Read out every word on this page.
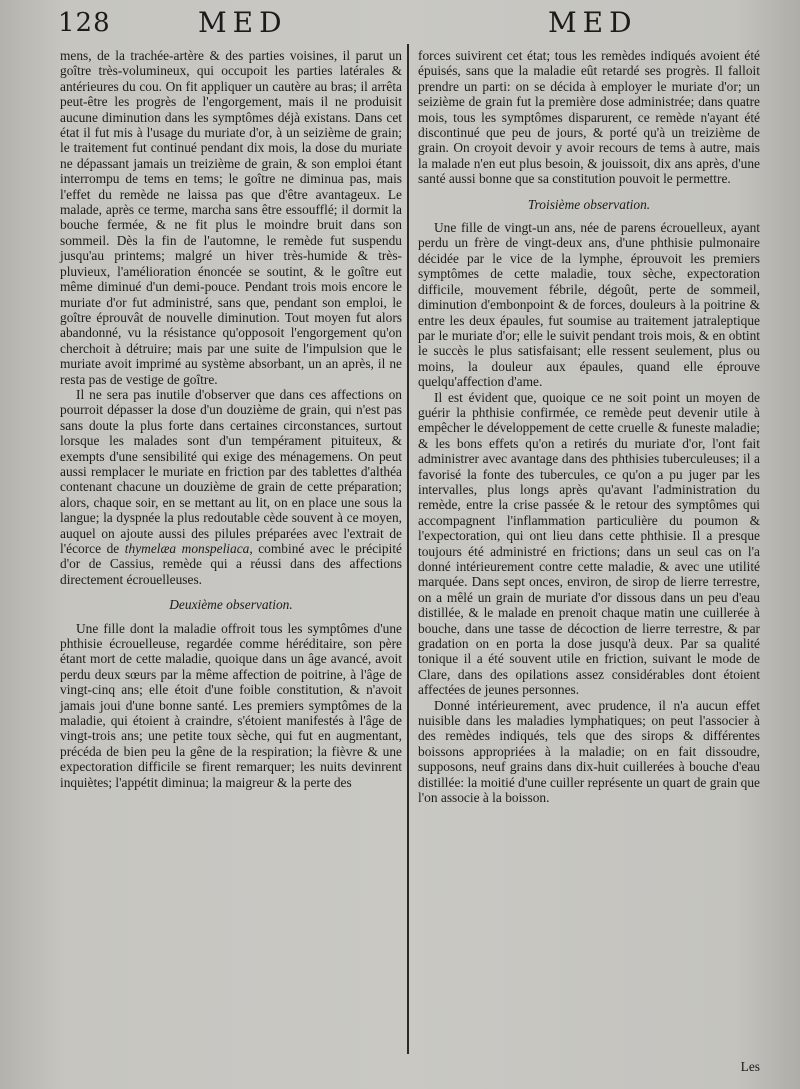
128	MED	MED

mens, de la trachée-artère & des parties voisines, il parut un goître très-volumineux, qui occupoit les parties latérales & antérieures du cou. On fit appliquer un cautère au bras; il arrêta peut-être les progrès de l'engorgement, mais il ne produisit aucune diminution dans les symptômes déjà existans. Dans cet état il fut mis à l'usage du muriate d'or, à un seizième de grain; le traitement fut continué pendant dix mois, la dose du muriate ne dépassant jamais un treizième de grain, & son emploi étant interrompu de tems en tems; le goître ne diminua pas, mais l'effet du remède ne laissa pas que d'être avantageux. Le malade, après ce terme, marcha sans être essoufflé; il dormit la bouche fermée, & ne fit plus le moindre bruit dans son sommeil. Dès la fin de l'automne, le remède fut suspendu jusqu'au printems; malgré un hiver très-humide & très-pluvieux, l'amélioration énoncée se soutint, & le goître eut même diminué d'un demi-pouce. Pendant trois mois encore le muriate d'or fut administré, sans que, pendant son emploi, le goître éprouvât de nouvelle diminution. Tout moyen fut alors abandonné, vu la résistance qu'opposoit l'engorgement qu'on cherchoit à détruire; mais par une suite de l'impulsion que le muriate avoit imprimé au système absorbant, un an après, il ne resta pas de vestige de goître.

Il ne sera pas inutile d'observer que dans ces affections on pourroit dépasser la dose d'un douzième de grain, qui n'est pas sans doute la plus forte dans certaines circonstances, surtout lorsque les malades sont d'un tempérament pituiteux, & exempts d'une sensibilité qui exige des ménagemens. On peut aussi remplacer le muriate en friction par des tablettes d'althéa contenant chacune un douzième de grain de cette préparation; alors, chaque soir, en se mettant au lit, on en place une sous la langue; la dyspnée la plus redoutable cède souvent à ce moyen, auquel on ajoute aussi des pilules préparées avec l'extrait de l'écorce de thymelæa monspeliaca, combiné avec le précipité d'or de Cassius, remède qui a réussi dans des affections directement écrouelleuses.

Deuxième observation.

Une fille dont la maladie offroit tous les symptômes d'une phthisie écrouelleuse, regardée comme héréditaire, son père étant mort de cette maladie, quoique dans un âge avancé, avoit perdu deux sœurs par la même affection de poitrine, à l'âge de vingt-cinq ans; elle étoit d'une foible constitution, & n'avoit jamais joui d'une bonne santé. Les premiers symptômes de la maladie, qui étoient à craindre, s'étoient manifestés à l'âge de vingt-trois ans; une petite toux sèche, qui fut en augmentant, précéda de bien peu la gêne de la respiration; la fièvre & une expectoration difficile se firent remarquer; les nuits devinrent inquiètes; l'appétit diminua; la maigreur & la perte des

forces suivirent cet état; tous les remèdes indiqués avoient été épuisés, sans que la maladie eût retardé ses progrès. Il falloit prendre un parti: on se décida à employer le muriate d'or; un seizième de grain fut la première dose administrée; dans quatre mois, tous les symptômes disparurent, ce remède n'ayant été discontinué que peu de jours, & porté qu'à un treizième de grain. On croyoit devoir y avoir recours de tems à autre, mais la malade n'en eut plus besoin, & jouissoit, dix ans après, d'une santé aussi bonne que sa constitution pouvoit le permettre.

Troisième observation.

Une fille de vingt-un ans, née de parens écrouelleux, ayant perdu un frère de vingt-deux ans, d'une phthisie pulmonaire décidée par le vice de la lymphe, éprouvoit les premiers symptômes de cette maladie, toux sèche, expectoration difficile, mouvement fébrile, dégoût, perte de sommeil, diminution d'embonpoint & de forces, douleurs à la poitrine & entre les deux épaules, fut soumise au traitement jatraleptique par le muriate d'or; elle le suivit pendant trois mois, & en obtint le succès le plus satisfaisant; elle ressent seulement, plus ou moins, la douleur aux épaules, quand elle éprouve quelqu'affection d'ame.

Il est évident que, quoique ce ne soit point un moyen de guérir la phthisie confirmée, ce remède peut devenir utile à empêcher le développement de cette cruelle & funeste maladie; & les bons effets qu'on a retirés du muriate d'or, l'ont fait administrer avec avantage dans des phthisies tuberculeuses; il a favorisé la fonte des tubercules, ce qu'on a pu juger par les intervalles, plus longs après qu'avant l'administration du remède, entre la crise passée & le retour des symptômes qui accompagnent l'inflammation particulière du poumon & l'expectoration, qui ont lieu dans cette phthisie. Il a presque toujours été administré en frictions; dans un seul cas on l'a donné intérieurement contre cette maladie, & avec une utilité marquée. Dans sept onces, environ, de sirop de lierre terrestre, on a mêlé un grain de muriate d'or dissous dans un peu d'eau distillée, & le malade en prenoit chaque matin une cuillerée à bouche, dans une tasse de décoction de lierre terrestre, & par gradation on en porta la dose jusqu'à deux. Par sa qualité tonique il a été souvent utile en friction, suivant le mode de Clare, dans des opilations assez considérables dont étoient affectées de jeunes personnes.

Donné intérieurement, avec prudence, il n'a aucun effet nuisible dans les maladies lymphatiques; on peut l'associer à des remèdes indiqués, tels que des sirops & différentes boissons appropriées à la maladie; on en fait dissoudre, supposons, neuf grains dans dix-huit cuillerées à bouche d'eau distillée: la moitié d'une cuiller représente un quart de grain que l'on associe à la boisson.

Les
